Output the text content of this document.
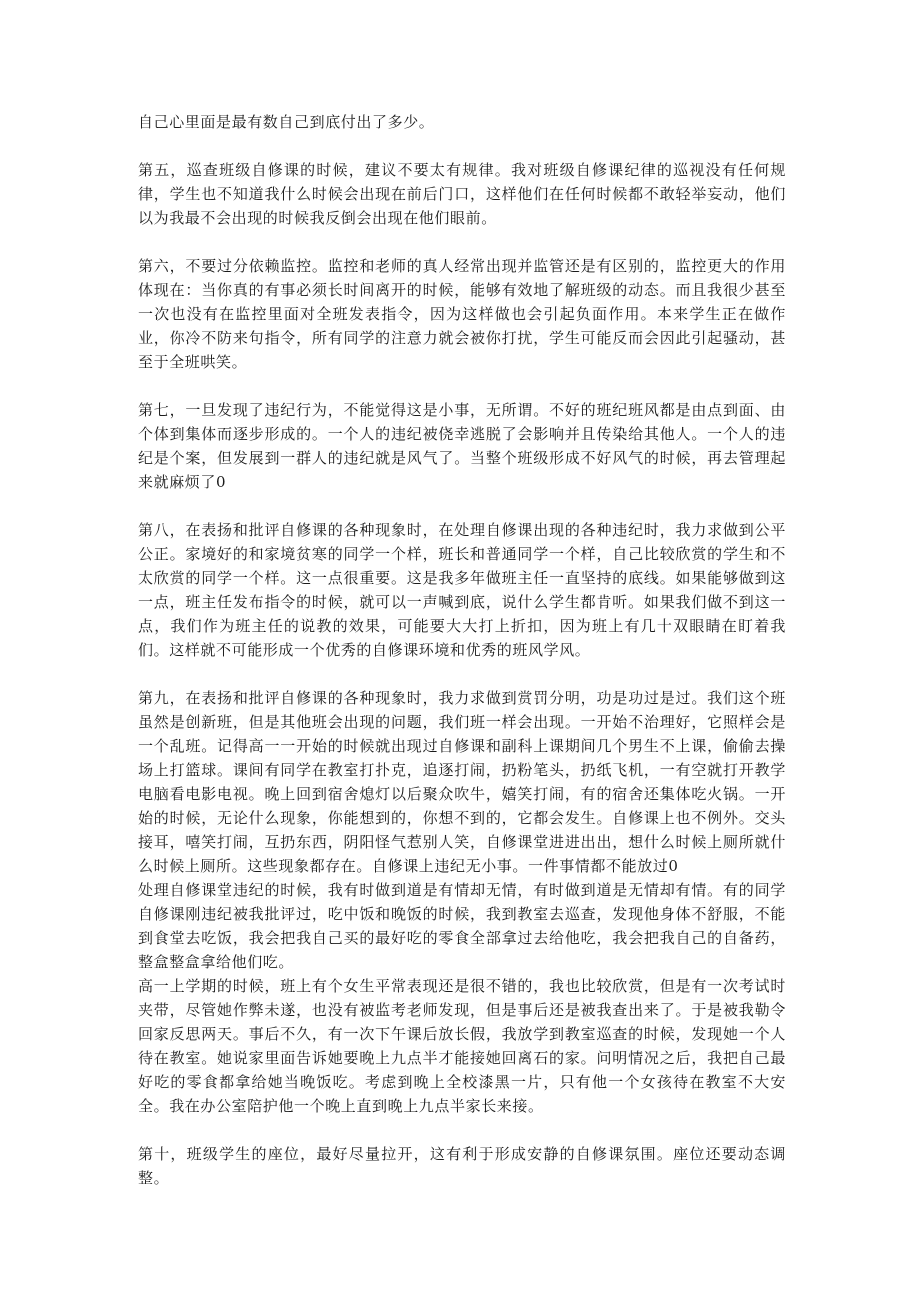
自己心里面是最有数自己到底付出了多少。

第五，巡查班级自修课的时候，建议不要太有规律。我对班级自修课纪律的巡视没有任何规律，学生也不知道我什么时候会出现在前后门口，这样他们在任何时候都不敢轻举妄动，他们以为我最不会出现的时候我反倒会出现在他们眼前。

第六，不要过分依赖监控。监控和老师的真人经常出现并监管还是有区别的，监控更大的作用体现在：当你真的有事必须长时间离开的时候，能够有效地了解班级的动态。而且我很少甚至一次也没有在监控里面对全班发表指令，因为这样做也会引起负面作用。本来学生正在做作业，你冷不防来句指令，所有同学的注意力就会被你打扰，学生可能反而会因此引起骚动，甚至于全班哄笑。

第七，一旦发现了违纪行为，不能觉得这是小事，无所谓。不好的班纪班风都是由点到面、由个体到集体而逐步形成的。一个人的违纪被侥幸逃脱了会影响并且传染给其他人。一个人的违纪是个案，但发展到一群人的违纪就是风气了。当整个班级形成不好风气的时候，再去管理起来就麻烦了0

第八，在表扬和批评自修课的各种现象时，在处理自修课出现的各种违纪时，我力求做到公平公正。家境好的和家境贫寒的同学一个样，班长和普通同学一个样，自己比较欣赏的学生和不太欣赏的同学一个样。这一点很重要。这是我多年做班主任一直坚持的底线。如果能够做到这一点，班主任发布指令的时候，就可以一声喊到底，说什么学生都肯听。如果我们做不到这一点，我们作为班主任的说教的效果，可能要大大打上折扣，因为班上有几十双眼睛在盯着我们。这样就不可能形成一个优秀的自修课环境和优秀的班风学风。

第九，在表扬和批评自修课的各种现象时，我力求做到赏罚分明，功是功过是过。我们这个班虽然是创新班，但是其他班会出现的问题，我们班一样会出现。一开始不治理好，它照样会是一个乱班。记得高一一开始的时候就出现过自修课和副科上课期间几个男生不上课，偷偷去操场上打篮球。课间有同学在教室打扑克，追逐打闹，扔粉笔头，扔纸飞机，一有空就打开教学电脑看电影电视。晚上回到宿舍熄灯以后聚众吹牛，嬉笑打闹，有的宿舍还集体吃火锅。一开始的时候，无论什么现象，你能想到的，你想不到的，它都会发生。自修课上也不例外。交头接耳，嘻笑打闹，互扔东西，阴阳怪气惹别人笑，自修课堂进进出出，想什么时候上厕所就什么时候上厕所。这些现象都存在。自修课上违纪无小事。一件事情都不能放过0

处理自修课堂违纪的时候，我有时做到道是有情却无情，有时做到道是无情却有情。有的同学自修课刚违纪被我批评过，吃中饭和晚饭的时候，我到教室去巡查，发现他身体不舒服，不能到食堂去吃饭，我会把我自己买的最好吃的零食全部拿过去给他吃，我会把我自己的自备药，整盒整盒拿给他们吃。

高一上学期的时候，班上有个女生平常表现还是很不错的，我也比较欣赏，但是有一次考试时夹带，尽管她作弊未遂，也没有被监考老师发现，但是事后还是被我查出来了。于是被我勒令回家反思两天。事后不久，有一次下午课后放长假，我放学到教室巡查的时候，发现她一个人待在教室。她说家里面告诉她要晚上九点半才能接她回离石的家。问明情况之后，我把自己最好吃的零食都拿给她当晚饭吃。考虑到晚上全校漆黑一片，只有他一个女孩待在教室不大安全。我在办公室陪护他一个晚上直到晚上九点半家长来接。

第十，班级学生的座位，最好尽量拉开，这有利于形成安静的自修课氛围。座位还要动态调整。
